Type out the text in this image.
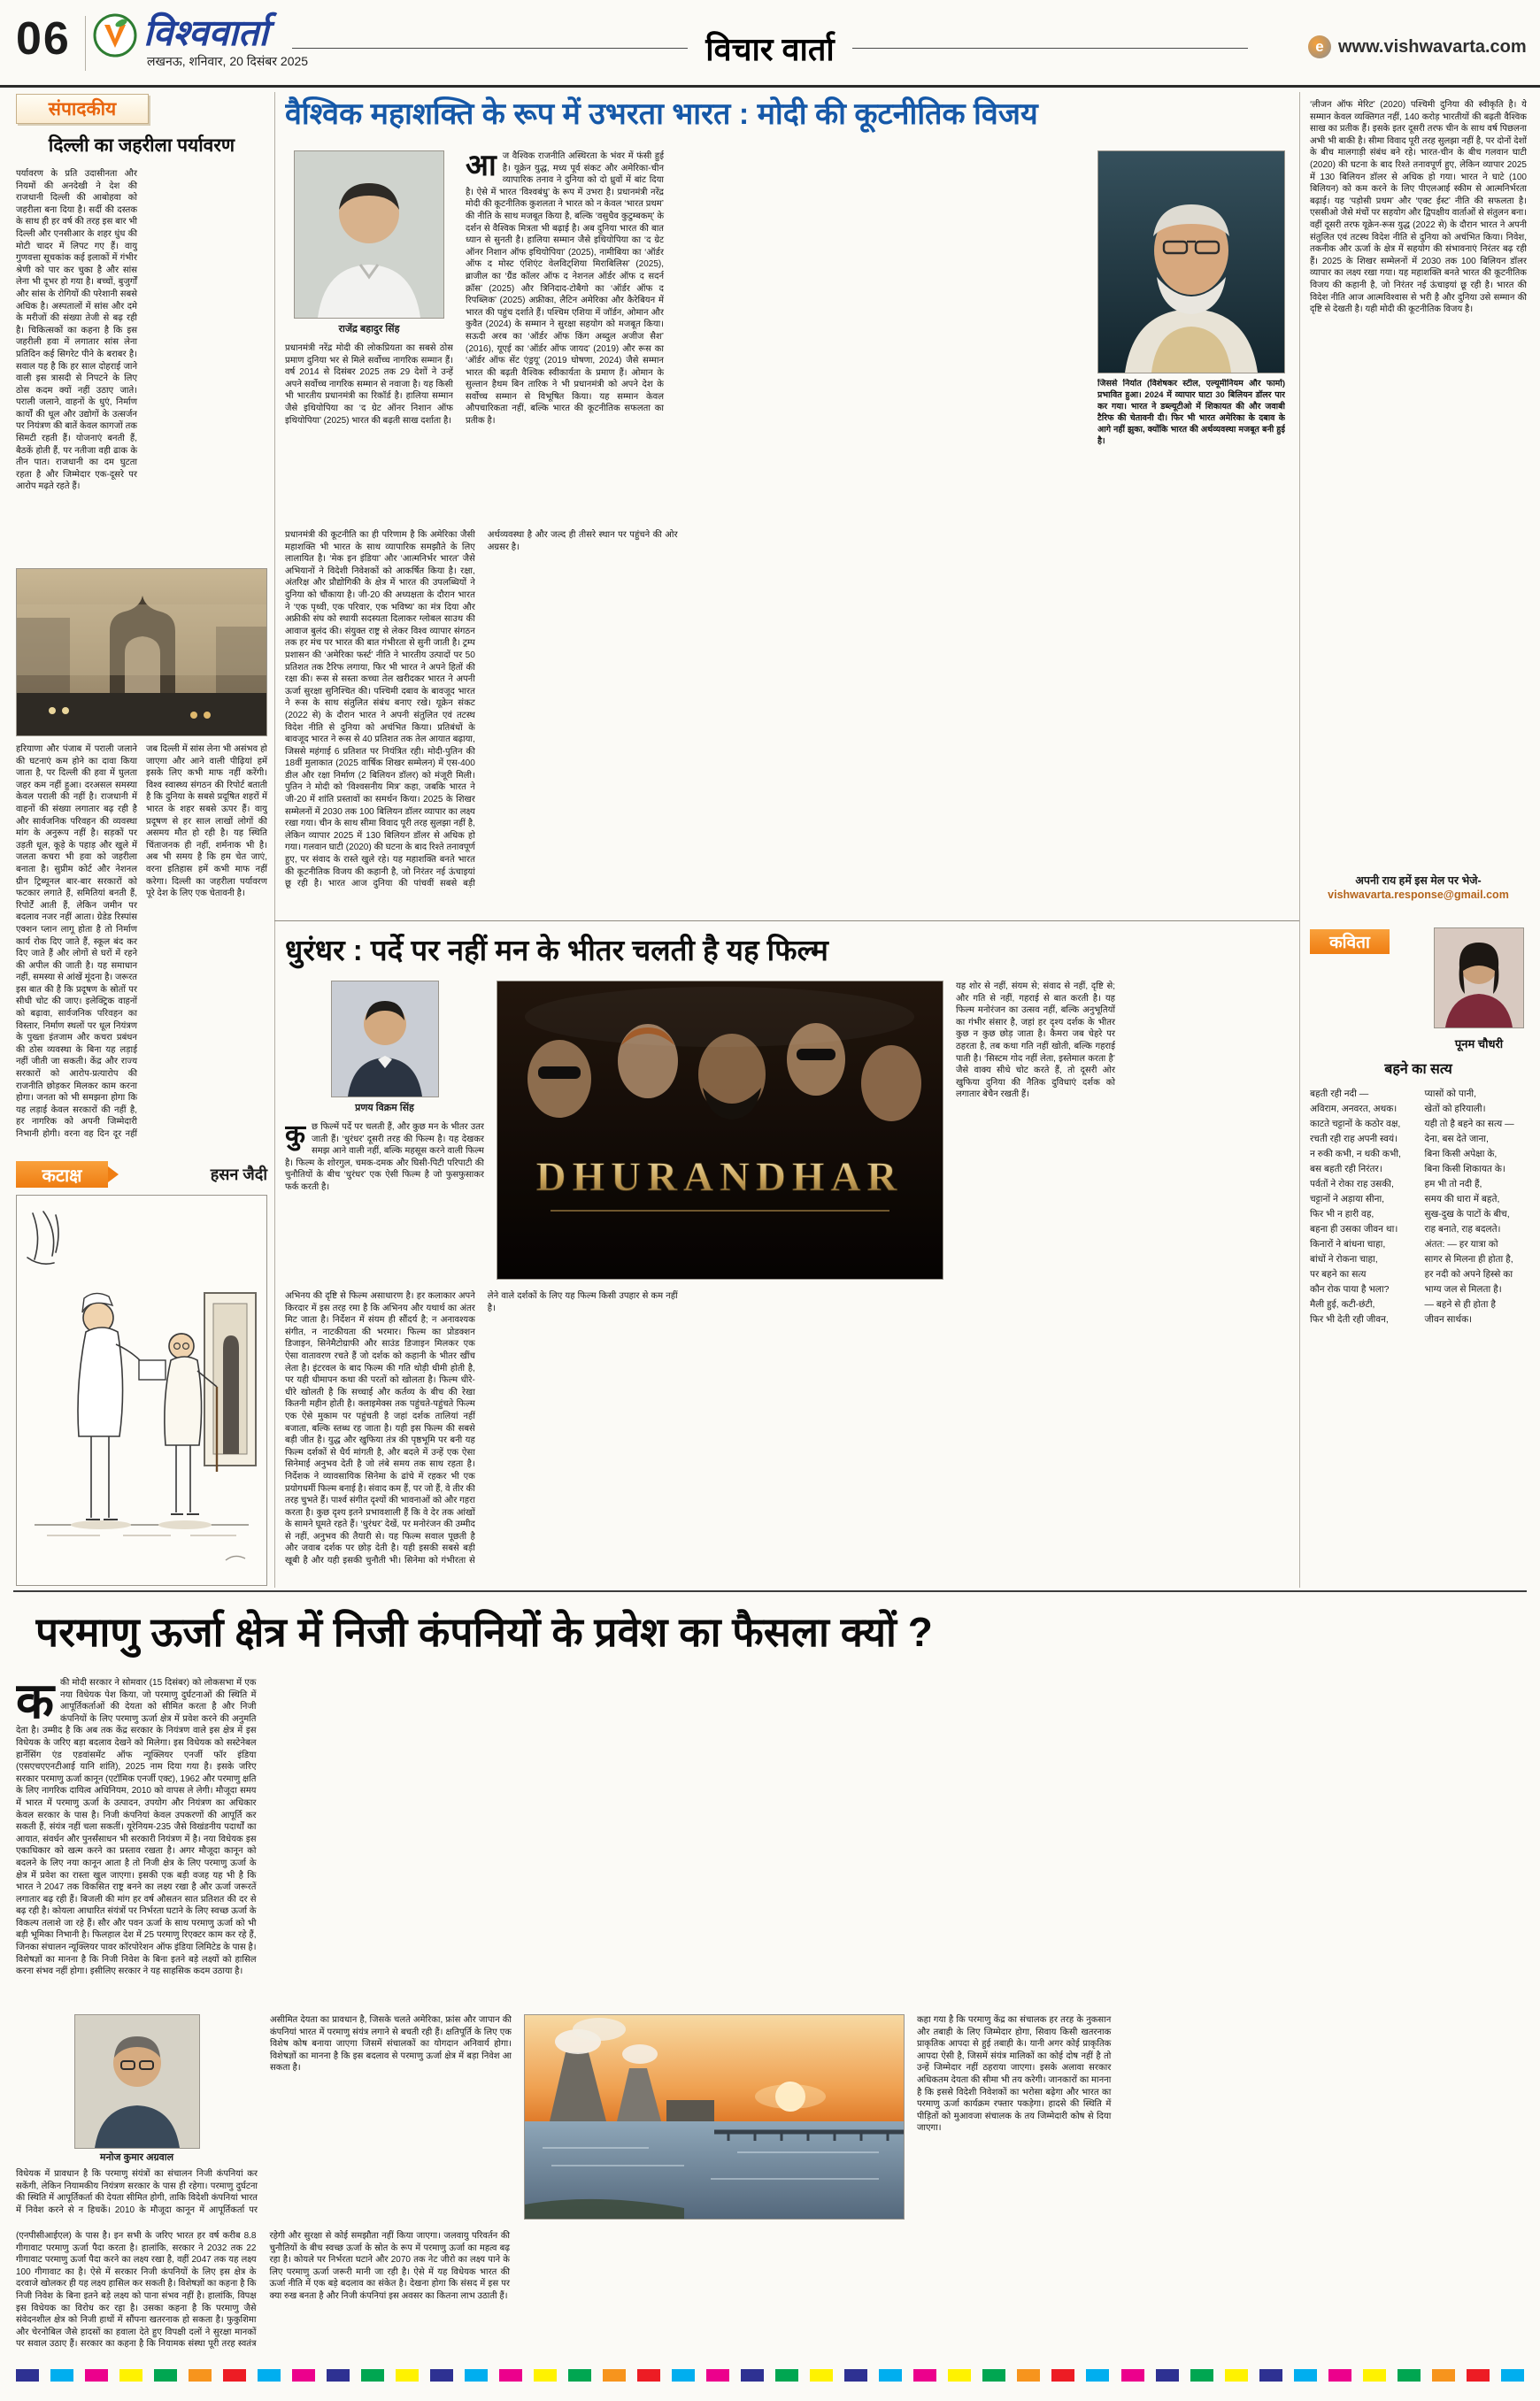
06 विश्ववार्ता
लखनऊ, शनिवार, 20 दिसंबर 2025	विचार वार्ता	e www.vishwavarta.com
संपादकीय
दिल्ली का जहरीला पर्यावरण
पर्यावरण के प्रति उदासीनता और नियमों की अनदेखी ने देश की राजधानी दिल्ली की आबोहवा को जहरीला बना दिया है। सर्दी की दस्तक के साथ ही हर वर्ष की तरह इस बार भी दिल्ली और एनसीआर के शहर धुंध की मोटी चादर में लिपट गए हैं। वायु गुणवत्ता सूचकांक कई इलाकों में गंभीर श्रेणी को पार कर चुका है और सांस लेना भी दूभर हो गया है। बच्चों, बुजुर्गों और सांस के रोगियों की परेशानी सबसे अधिक है। अस्पतालों में सांस और दमे के मरीजों की संख्या तेजी से बढ़ रही है। चिकित्सकों का कहना है कि इस जहरीली हवा में लगातार सांस लेना प्रतिदिन कई सिगरेट पीने के बराबर है। सवाल यह है कि हर साल दोहराई जाने वाली इस त्रासदी से निपटने के लिए ठोस कदम क्यों नहीं उठाए जाते। पराली जलाने, वाहनों के धुएं, निर्माण कार्यों की धूल और उद्योगों के उत्सर्जन पर नियंत्रण की बातें केवल कागजों तक सिमटी रहती हैं। योजनाएं बनती हैं, बैठकें होती हैं, पर नतीजा वही ढाक के तीन पात। राजधानी का दम घुटता रहता है और जिम्मेदार एक-दूसरे पर आरोप मढ़ते रहते हैं।
हरियाणा और पंजाब में पराली जलाने की घटनाएं कम होने का दावा किया जाता है, पर दिल्ली की हवा में घुलता जहर कम नहीं हुआ। दरअसल समस्या केवल पराली की नहीं है। राजधानी में वाहनों की संख्या लगातार बढ़ रही है और सार्वजनिक परिवहन की व्यवस्था मांग के अनुरूप नहीं है। सड़कों पर उड़ती धूल, कूड़े के पहाड़ और खुले में जलता कचरा भी हवा को जहरीला बनाता है। सुप्रीम कोर्ट और नेशनल ग्रीन ट्रिब्यूनल बार-बार सरकारों को फटकार लगाते हैं, समितियां बनती हैं, रिपोर्टें आती हैं, लेकिन जमीन पर बदलाव नजर नहीं आता। ग्रेडेड रिस्पांस एक्शन प्लान लागू होता है तो निर्माण कार्य रोक दिए जाते हैं, स्कूल बंद कर दिए जाते हैं और लोगों से घरों में रहने की अपील की जाती है। यह समाधान नहीं, समस्या से आंखें मूंदना है। जरूरत इस बात की है कि प्रदूषण के स्रोतों पर सीधी चोट की जाए। इलेक्ट्रिक वाहनों को बढ़ावा, सार्वजनिक परिवहन का विस्तार, निर्माण स्थलों पर धूल नियंत्रण के पुख्ता इंतजाम और कचरा प्रबंधन की ठोस व्यवस्था के बिना यह लड़ाई नहीं जीती जा सकती। केंद्र और राज्य सरकारों को आरोप-प्रत्यारोप की राजनीति छोड़कर मिलकर काम करना होगा। जनता को भी समझना होगा कि यह लड़ाई केवल सरकारों की नहीं है, हर नागरिक को अपनी जिम्मेदारी निभानी होगी। वरना वह दिन दूर नहीं जब दिल्ली में सांस लेना भी असंभव हो जाएगा और आने वाली पीढ़ियां हमें इसके लिए कभी माफ नहीं करेंगी। विश्व स्वास्थ्य संगठन की रिपोर्ट बताती है कि दुनिया के सबसे प्रदूषित शहरों में भारत के शहर सबसे ऊपर हैं। वायु प्रदूषण से हर साल लाखों लोगों की असमय मौत हो रही है। यह स्थिति चिंताजनक ही नहीं, शर्मनाक भी है। अब भी समय है कि हम चेत जाएं, वरना इतिहास हमें कभी माफ नहीं करेगा। दिल्ली का जहरीला पर्यावरण पूरे देश के लिए एक चेतावनी है।
कटाक्ष	हसन जैदी
वैश्विक महाशक्ति के रूप में उभरता भारत : मोदी की कूटनीतिक विजय
राजेंद्र बहादुर सिंह
प्रधानमंत्री नरेंद्र मोदी की लोकप्रियता का सबसे ठोस प्रमाण दुनिया भर से मिले सर्वोच्च नागरिक सम्मान हैं। वर्ष 2014 से दिसंबर 2025 तक 29 देशों ने उन्हें अपने सर्वोच्च नागरिक सम्मान से नवाजा है। यह किसी भी भारतीय प्रधानमंत्री का रिकॉर्ड है। हालिया सम्मान जैसे इथियोपिया का ‘द ग्रेट ऑनर निशान ऑफ इथियोपिया’ (2025) भारत की बढ़ती साख दर्शाता है।
आज वैश्विक राजनीति अस्थिरता के भंवर में फंसी हुई है। यूक्रेन युद्ध, मध्य पूर्व संकट और अमेरिका-चीन व्यापारिक तनाव ने दुनिया को दो ध्रुवों में बांट दिया है। ऐसे में भारत ‘विश्वबंधु’ के रूप में उभरा है। प्रधानमंत्री नरेंद्र मोदी की कूटनीतिक कुशलता ने भारत को न केवल ‘भारत प्रथम’ की नीति के साथ मजबूत किया है, बल्कि ‘वसुधैव कुटुम्बकम्’ के दर्शन से वैश्विक मित्रता भी बढ़ाई है। अब दुनिया भारत की बात ध्यान से सुनती है। हालिया सम्मान जैसे इथियोपिया का ‘द ग्रेट ऑनर निशान ऑफ इथियोपिया’ (2025), नामीबिया का ‘ऑर्डर ऑफ द मोस्ट एंशिएंट वेलविट्शिया मिराबिलिस’ (2025), ब्राजील का ‘ग्रैंड कॉलर ऑफ द नेशनल ऑर्डर ऑफ द सदर्न क्रॉस’ (2025) और त्रिनिदाद-टोबैगो का ‘ऑर्डर ऑफ द रिपब्लिक’ (2025) अफ्रीका, लैटिन अमेरिका और कैरेबियन में भारत की पहुंच दर्शाते हैं। पश्चिम एशिया में जॉर्डन, ओमान और कुवैत (2024) के सम्मान ने सुरक्षा सहयोग को मजबूत किया। सऊदी अरब का ‘ऑर्डर ऑफ किंग अब्दुल अजीज सैश’ (2016), यूएई का ‘ऑर्डर ऑफ जायद’ (2019) और रूस का ‘ऑर्डर ऑफ सेंट एंड्रयू’ (2019 घोषणा, 2024) जैसे सम्मान भारत की बढ़ती वैश्विक स्वीकार्यता के प्रमाण हैं। ओमान के सुल्तान हैथम बिन तारिक ने भी प्रधानमंत्री को अपने देश के सर्वोच्च सम्मान से विभूषित किया। यह सम्मान केवल औपचारिकता नहीं, बल्कि भारत की कूटनीतिक सफलता का प्रतीक है।
जिससे निर्यात (विशेषकर स्टील, एल्यूमीनियम और फार्मा) प्रभावित हुआ। 2024 में व्यापार घाटा 30 बिलियन डॉलर पार कर गया। भारत ने डब्ल्यूटीओ में शिकायत की और जवाबी टैरिफ की चेतावनी दी। फिर भी भारत अमेरिका के दबाव के आगे नहीं झुका, क्योंकि भारत की अर्थव्यवस्था मजबूत बनी हुई है।
प्रधानमंत्री की कूटनीति का ही परिणाम है कि अमेरिका जैसी महाशक्ति भी भारत के साथ व्यापारिक समझौते के लिए लालायित है। ‘मेक इन इंडिया’ और ‘आत्मनिर्भर भारत’ जैसे अभियानों ने विदेशी निवेशकों को आकर्षित किया है। रक्षा, अंतरिक्ष और प्रौद्योगिकी के क्षेत्र में भारत की उपलब्धियों ने दुनिया को चौंकाया है। जी-20 की अध्यक्षता के दौरान भारत ने ‘एक पृथ्वी, एक परिवार, एक भविष्य’ का मंत्र दिया और अफ्रीकी संघ को स्थायी सदस्यता दिलाकर ग्लोबल साउथ की आवाज बुलंद की। संयुक्त राष्ट्र से लेकर विश्व व्यापार संगठन तक हर मंच पर भारत की बात गंभीरता से सुनी जाती है। ट्रम्प प्रशासन की ‘अमेरिका फर्स्ट’ नीति ने भारतीय उत्पादों पर 50 प्रतिशत तक टैरिफ लगाया, फिर भी भारत ने अपने हितों की रक्षा की। रूस से सस्ता कच्चा तेल खरीदकर भारत ने अपनी ऊर्जा सुरक्षा सुनिश्चित की। पश्चिमी दबाव के बावजूद भारत ने रूस के साथ संतुलित संबंध बनाए रखे। यूक्रेन संकट (2022 से) के दौरान भारत ने अपनी संतुलित एवं तटस्थ विदेश नीति से दुनिया को अचंभित किया। प्रतिबंधों के बावजूद भारत ने रूस से 40 प्रतिशत तक तेल आयात बढ़ाया, जिससे महंगाई 6 प्रतिशत पर नियंत्रित रही। मोदी-पुतिन की 18वीं मुलाकात (2025 वार्षिक शिखर सम्मेलन) में एस-400 डील और रक्षा निर्माण (2 बिलियन डॉलर) को मंजूरी मिली। पुतिन ने मोदी को ‘विश्वसनीय मित्र’ कहा, जबकि भारत ने जी-20 में शांति प्रस्तावों का समर्थन किया। 2025 के शिखर सम्मेलनों में 2030 तक 100 बिलियन डॉलर व्यापार का लक्ष्य रखा गया। चीन के साथ सीमा विवाद पूरी तरह सुलझा नहीं है, लेकिन व्यापार 2025 में 130 बिलियन डॉलर से अधिक हो गया। गलवान घाटी (2020) की घटना के बाद रिश्ते तनावपूर्ण हुए, पर संवाद के रास्ते खुले रहे। यह महाशक्ति बनते भारत की कूटनीतिक विजय की कहानी है, जो निरंतर नई ऊंचाइयां छू रही है। भारत आज दुनिया की पांचवीं सबसे बड़ी अर्थव्यवस्था है और जल्द ही तीसरे स्थान पर पहुंचने की ओर अग्रसर है।
‘लीजन ऑफ मेरिट’ (2020) पश्चिमी दुनिया की स्वीकृति है। ये सम्मान केवल व्यक्तिगत नहीं, 140 करोड़ भारतीयों की बढ़ती वैश्विक साख का प्रतीक हैं। इसके इतर दूसरी तरफ चीन के साथ वर्ष पिछलना अभी भी बाकी है। सीमा विवाद पूरी तरह सुलझा नहीं है, पर दोनों देशों के बीच मालगाड़ी संबंध बने रहे। भारत-चीन के बीच गलवान घाटी (2020) की घटना के बाद रिश्ते तनावपूर्ण हुए, लेकिन व्यापार 2025 में 130 बिलियन डॉलर से अधिक हो गया। भारत ने घाटे (100 बिलियन) को कम करने के लिए पीएलआई स्कीम से आत्मनिर्भरता बढ़ाई। यह ‘पड़ोसी प्रथम’ और ‘एक्ट ईस्ट’ नीति की सफलता है। एससीओ जैसे मंचों पर सहयोग और द्विपक्षीय वार्ताओं से संतुलन बना। वहीं दूसरी तरफ यूक्रेन-रूस युद्ध (2022 से) के दौरान भारत ने अपनी संतुलित एवं तटस्थ विदेश नीति से दुनिया को अचंभित किया। निवेश, तकनीक और ऊर्जा के क्षेत्र में सहयोग की संभावनाएं निरंतर बढ़ रही हैं। 2025 के शिखर सम्मेलनों में 2030 तक 100 बिलियन डॉलर व्यापार का लक्ष्य रखा गया। यह महाशक्ति बनते भारत की कूटनीतिक विजय की कहानी है, जो निरंतर नई ऊंचाइयां छू रही है। भारत की विदेश नीति आज आत्मविश्वास से भरी है और दुनिया उसे सम्मान की दृष्टि से देखती है। यही मोदी की कूटनीतिक विजय है।
अपनी राय हमें इस मेल पर भेजे-
vishwavarta.response@gmail.com
धुरंधर : पर्दे पर नहीं मन के भीतर चलती है यह फिल्म
प्रणय विक्रम सिंह
कुछ फिल्में पर्दे पर चलती हैं, और कुछ मन के भीतर उतर जाती हैं। ‘धुरंधर’ दूसरी तरह की फिल्म है। यह देखकर समझ आने वाली नहीं, बल्कि महसूस करने वाली फिल्म है। फिल्म के शोरगुल, चमक-दमक और घिसी-पिटी परिपाटी की चुनौतियों के बीच ‘धुरंधर’ एक ऐसी फिल्म है जो फुसफुसाकर फर्क करती है।	DHURANDHAR
यह शोर से नहीं, संयम से; संवाद से नहीं, दृष्टि से; और गति से नहीं, गहराई से बात करती है। यह फिल्म मनोरंजन का उत्सव नहीं, बल्कि अनुभूतियों का गंभीर संसार है, जहां हर दृश्य दर्शक के भीतर कुछ न कुछ छोड़ जाता है। कैमरा जब चेहरे पर ठहरता है, तब कथा गति नहीं खोती, बल्कि गहराई पाती है। ‘सिस्टम गोद नहीं लेता, इस्तेमाल करता है’ जैसे वाक्य सीधे चोट करते हैं, तो दूसरी ओर खुफिया दुनिया की नैतिक दुविधाएं दर्शक को लगातार बेचैन रखती हैं।
अभिनय की दृष्टि से फिल्म असाधारण है। हर कलाकार अपने किरदार में इस तरह रमा है कि अभिनय और यथार्थ का अंतर मिट जाता है। निर्देशन में संयम ही सौंदर्य है; न अनावश्यक संगीत, न नाटकीयता की भरमार। फिल्म का प्रोडक्शन डिजाइन, सिनेमैटोग्राफी और साउंड डिजाइन मिलकर एक ऐसा वातावरण रचते हैं जो दर्शक को कहानी के भीतर खींच लेता है। इंटरवल के बाद फिल्म की गति थोड़ी धीमी होती है, पर यही धीमापन कथा की परतों को खोलता है। फिल्म धीरे-धीरे खोलती है कि सच्चाई और कर्तव्य के बीच की रेखा कितनी महीन होती है। क्लाइमेक्स तक पहुंचते-पहुंचते फिल्म एक ऐसे मुकाम पर पहुंचती है जहां दर्शक तालियां नहीं बजाता, बल्कि स्तब्ध रह जाता है। यही इस फिल्म की सबसे बड़ी जीत है। युद्ध और खुफिया तंत्र की पृष्ठभूमि पर बनी यह फिल्म दर्शकों से धैर्य मांगती है, और बदले में उन्हें एक ऐसा सिनेमाई अनुभव देती है जो लंबे समय तक साथ रहता है। निर्देशक ने व्यावसायिक सिनेमा के ढांचे में रहकर भी एक प्रयोगधर्मी फिल्म बनाई है। संवाद कम हैं, पर जो हैं, वे तीर की तरह चुभते हैं। पार्श्व संगीत दृश्यों की भावनाओं को और गहरा करता है। कुछ दृश्य इतने प्रभावशाली हैं कि वे देर तक आंखों के सामने घूमते रहते हैं। ‘धुरंधर’ देखें, पर मनोरंजन की उम्मीद से नहीं, अनुभव की तैयारी से। यह फिल्म सवाल पूछती है और जवाब दर्शक पर छोड़ देती है। यही इसकी सबसे बड़ी खूबी है और यही इसकी चुनौती भी। सिनेमा को गंभीरता से लेने वाले दर्शकों के लिए यह फिल्म किसी उपहार से कम नहीं है।
कविता
पूनम चौधरी
बहने का सत्य
बहती रही नदी —
अविराम, अनवरत, अथक।
काटते चट्टानों के कठोर वक्ष,
रचती रही राह अपनी स्वयं।
न रुकी कभी, न थकी कभी,
बस बहती रही निरंतर।
पर्वतों ने रोका राह उसकी,
चट्टानों ने अड़ाया सीना,
फिर भी न हारी वह,
बहना ही उसका जीवन था।
किनारों ने बांधना चाहा,
बांधों ने रोकना चाहा,
पर बहने का सत्य
कौन रोक पाया है भला?
मैली हुई, कटी-छंटी,
फिर भी देती रही जीवन,
प्यासों को पानी,
खेतों को हरियाली।
यही तो है बहने का सत्य —
देना, बस देते जाना,
बिना किसी अपेक्षा के,
बिना किसी शिकायत के।
हम भी तो नदी हैं,
समय की धारा में बहते,
सुख-दुख के पाटों के बीच,
राह बनाते, राह बदलते।
अंतत: — हर यात्रा को
सागर से मिलना ही होता है,
हर नदी को अपने हिस्से का
भाग्य जल से मिलता है।
— बहने से ही होता है
जीवन सार्थक।
परमाणु ऊर्जा क्षेत्र में निजी कंपनियों के प्रवेश का फैसला क्यों ?
ककी मोदी सरकार ने सोमवार (15 दिसंबर) को लोकसभा में एक नया विधेयक पेश किया, जो परमाणु दुर्घटनाओं की स्थिति में आपूर्तिकर्ताओं की देयता को सीमित करता है और निजी कंपनियों के लिए परमाणु ऊर्जा क्षेत्र में प्रवेश करने की अनुमति देता है। उम्मीद है कि अब तक केंद्र सरकार के नियंत्रण वाले इस क्षेत्र में इस विधेयक के जरिए बड़ा बदलाव देखने को मिलेगा। इस विधेयक को सस्टेनेबल हार्नेसिंग एंड एडवांसमेंट ऑफ न्यूक्लियर एनर्जी फॉर इंडिया (एसएचएएनटीआई यानि शांति), 2025 नाम दिया गया है। इसके जरिए सरकार परमाणु ऊर्जा कानून (एटॉमिक एनर्जी एक्ट), 1962 और परमाणु क्षति के लिए नागरिक दायित्व अधिनियम, 2010 को वापस ले लेगी। मौजूदा समय में भारत में परमाणु ऊर्जा के उत्पादन, उपयोग और नियंत्रण का अधिकार केवल सरकार के पास है। निजी कंपनियां केवल उपकरणों की आपूर्ति कर सकती हैं, संयंत्र नहीं चला सकतीं। यूरेनियम-235 जैसे विखंडनीय पदार्थों का आयात, संवर्धन और पुनर्संसाधन भी सरकारी नियंत्रण में है। नया विधेयक इस एकाधिकार को खत्म करने का प्रस्ताव रखता है। अगर मौजूदा कानून को बदलने के लिए नया कानून आता है तो निजी क्षेत्र के लिए परमाणु ऊर्जा के क्षेत्र में प्रवेश का रास्ता खुल जाएगा। इसकी एक बड़ी वजह यह भी है कि भारत ने 2047 तक विकसित राष्ट्र बनने का लक्ष्य रखा है और ऊर्जा जरूरतें लगातार बढ़ रही हैं। बिजली की मांग हर वर्ष औसतन सात प्रतिशत की दर से बढ़ रही है। कोयला आधारित संयंत्रों पर निर्भरता घटाने के लिए स्वच्छ ऊर्जा के विकल्प तलाशे जा रहे हैं। सौर और पवन ऊर्जा के साथ परमाणु ऊर्जा को भी बड़ी भूमिका निभानी है। फिलहाल देश में 25 परमाणु रिएक्टर काम कर रहे हैं, जिनका संचालन न्यूक्लियर पावर कॉरपोरेशन ऑफ इंडिया लिमिटेड के पास है। विशेषज्ञों का मानना है कि निजी निवेश के बिना इतने बड़े लक्ष्यों को हासिल करना संभव नहीं होगा। इसीलिए सरकार ने यह साहसिक कदम उठाया है।
मनोज कुमार अग्रवाल
विधेयक में प्रावधान है कि परमाणु संयंत्रों का संचालन निजी कंपनियां कर सकेंगी, लेकिन नियामकीय नियंत्रण सरकार के पास ही रहेगा। परमाणु दुर्घटना की स्थिति में आपूर्तिकर्ता की देयता सीमित होगी, ताकि विदेशी कंपनियां भारत में निवेश करने से न हिचकें। 2010 के मौजूदा कानून में आपूर्तिकर्ता पर असीमित देयता का प्रावधान है, जिसके चलते अमेरिका, फ्रांस और जापान की कंपनियां भारत में परमाणु संयंत्र लगाने से बचती रही हैं। क्षतिपूर्ति के लिए एक विशेष कोष बनाया जाएगा जिसमें संचालकों का योगदान अनिवार्य होगा। विशेषज्ञों का मानना है कि इस बदलाव से परमाणु ऊर्जा क्षेत्र में बड़ा निवेश आ सकता है।
कहा गया है कि परमाणु केंद्र का संचालक हर तरह के नुकसान और तबाही के लिए जिम्मेदार होगा, सिवाय किसी खतरनाक प्राकृतिक आपदा से हुई तबाही के। यानी अगर कोई प्राकृतिक आपदा ऐसी है, जिसमें संयंत्र मालिकों का कोई दोष नहीं है तो उन्हें जिम्मेदार नहीं ठहराया जाएगा। इसके अलावा सरकार अधिकतम देयता की सीमा भी तय करेगी। जानकारों का मानना है कि इससे विदेशी निवेशकों का भरोसा बढ़ेगा और भारत का परमाणु ऊर्जा कार्यक्रम रफ्तार पकड़ेगा। हादसे की स्थिति में पीड़ितों को मुआवजा संचालक के तय जिम्मेदारी कोष से दिया जाएगा।
(एनपीसीआईएल) के पास है। इन सभी के जरिए भारत हर वर्ष करीब 8.8 गीगावाट परमाणु ऊर्जा पैदा करता है। हालांकि, सरकार ने 2032 तक 22 गीगावाट परमाणु ऊर्जा पैदा करने का लक्ष्य रखा है, वहीं 2047 तक यह लक्ष्य 100 गीगावाट का है। ऐसे में सरकार निजी कंपनियों के लिए इस क्षेत्र के दरवाजे खोलकर ही यह लक्ष्य हासिल कर सकती है। विशेषज्ञों का कहना है कि निजी निवेश के बिना इतने बड़े लक्ष्य को पाना संभव नहीं है। हालांकि, विपक्ष इस विधेयक का विरोध कर रहा है। उसका कहना है कि परमाणु जैसे संवेदनशील क्षेत्र को निजी हाथों में सौंपना खतरनाक हो सकता है। फुकुशिमा और चेरनोबिल जैसे हादसों का हवाला देते हुए विपक्षी दलों ने सुरक्षा मानकों पर सवाल उठाए हैं। सरकार का कहना है कि नियामक संस्था पूरी तरह स्वतंत्र रहेगी और सुरक्षा से कोई समझौता नहीं किया जाएगा। जलवायु परिवर्तन की चुनौतियों के बीच स्वच्छ ऊर्जा के स्रोत के रूप में परमाणु ऊर्जा का महत्व बढ़ रहा है। कोयले पर निर्भरता घटाने और 2070 तक नेट जीरो का लक्ष्य पाने के लिए परमाणु ऊर्जा जरूरी मानी जा रही है। ऐसे में यह विधेयक भारत की ऊर्जा नीति में एक बड़े बदलाव का संकेत है। देखना होगा कि संसद में इस पर क्या रुख बनता है और निजी कंपनियां इस अवसर का कितना लाभ उठाती हैं।
